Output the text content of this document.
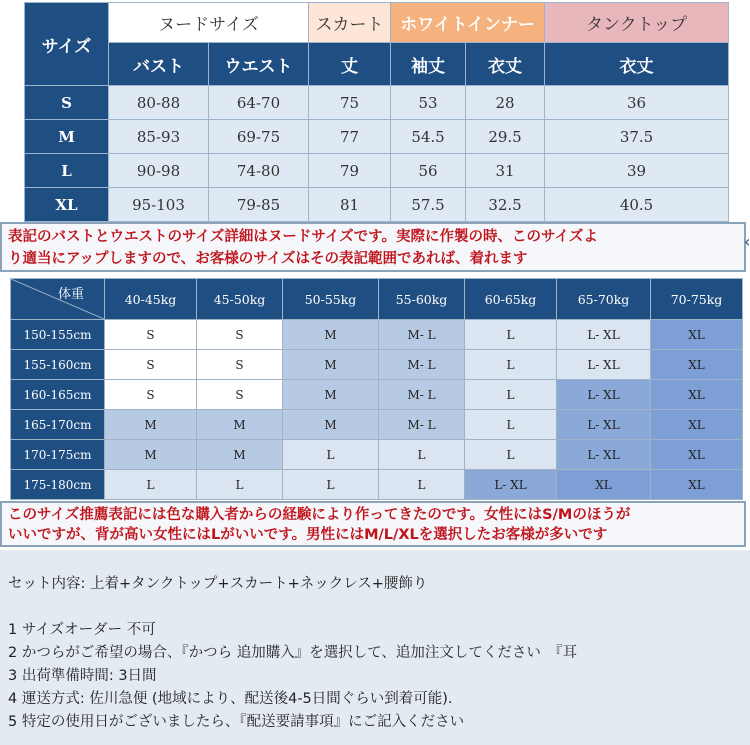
サイズ	ヌードサイズ		スカート	ホワイトインナー		タンクトップ
	バスト	ウエスト	丈	袖丈	衣丈	衣丈
S	80-88	64-70	75	53	28	36
M	85-93	69-75	77	54.5	29.5	37.5
L	90-98	74-80	79	56	31	39
XL	95-103	79-85	81	57.5	32.5	40.5
表記のバストとウエストのサイズ詳細はヌードサイズです。実際に作製の時、このサイズよ
り適当にアップしますので、お客様のサイズはその表記範囲であれば、着れます
‹
体重	40-45kg	45-50kg	50-55kg	55-60kg	60-65kg	65-70kg	70-75kg
150-155cm	S	S	M	M- L	L	L- XL	XL
155-160cm	S	S	M	M- L	L	L- XL	XL
160-165cm	S	S	M	M- L	L	L- XL	XL
165-170cm	M	M	M	M- L	L	L- XL	XL
170-175cm	M	M	L	L	L	L- XL	XL
175-180cm	L	L	L	L	L- XL	XL	XL
このサイズ推薦表記には色な購入者からの経験により作ってきたのです。女性にはS/Mのほうが
いいですが、背が高い女性にはLがいいです。男性にはM/L/XLを選択したお客様が多いです

セット内容: 上着+タンクトップ+スカート+ネックレス+腰飾り

1 サイズオーダー 不可

2 かつらがご希望の場合、『かつら 追加購入』を選択して、追加注文してください　『耳

3 出荷準備時間: 3日間

4 運送方式: 佐川急便 (地域により、配送後4-5日間ぐらい到着可能).

5 特定の使用日がございましたら、『配送要請事項』にご記入ください
